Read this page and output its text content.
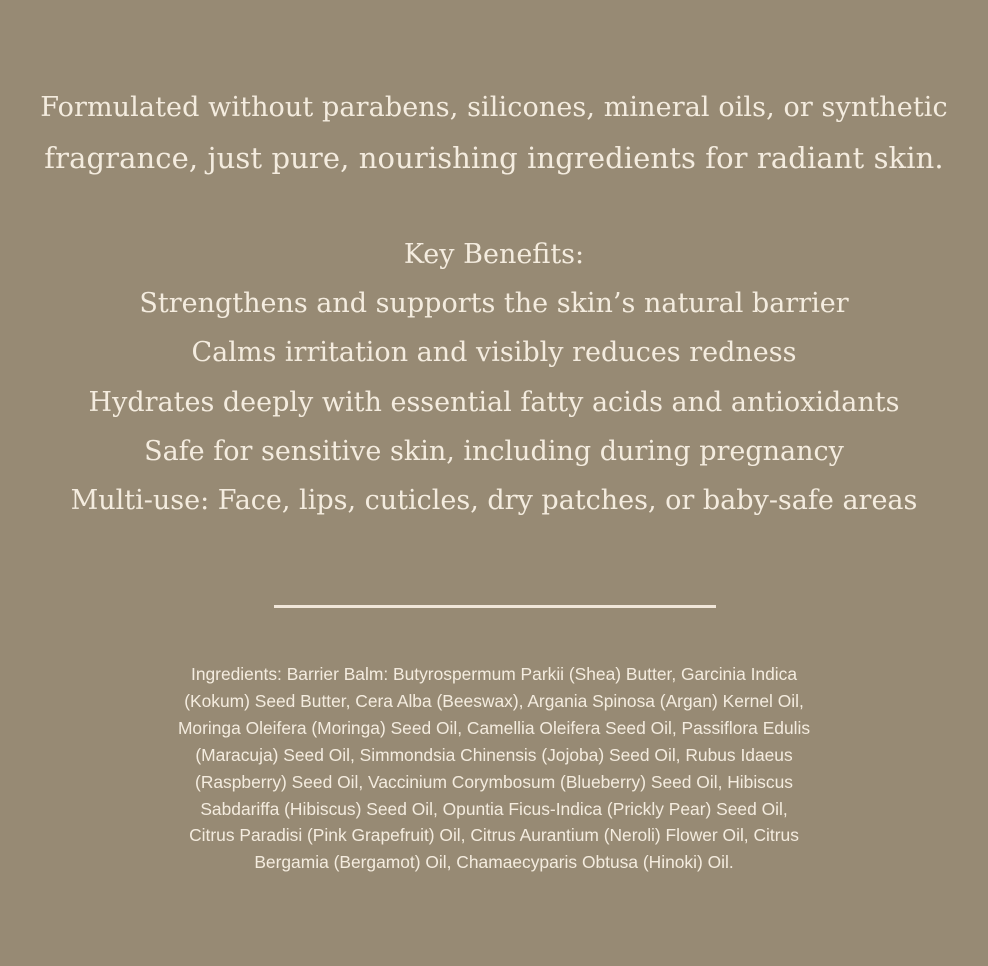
Formulated without parabens, silicones, mineral oils, or synthetic
fragrance, just pure, nourishing ingredients for radiant skin.

Key Benefits:
Strengthens and supports the skin’s natural barrier
Calms irritation and visibly reduces redness
Hydrates deeply with essential fatty acids and antioxidants
Safe for sensitive skin, including during pregnancy
Multi-use: Face, lips, cuticles, dry patches, or baby-safe areas

Ingredients: Barrier Balm: Butyrospermum Parkii (Shea) Butter, Garcinia Indica
(Kokum) Seed Butter, Cera Alba (Beeswax), Argania Spinosa (Argan) Kernel Oil,
Moringa Oleifera (Moringa) Seed Oil, Camellia Oleifera Seed Oil, Passiflora Edulis
(Maracuja) Seed Oil, Simmondsia Chinensis (Jojoba) Seed Oil, Rubus Idaeus
(Raspberry) Seed Oil, Vaccinium Corymbosum (Blueberry) Seed Oil, Hibiscus
Sabdariffa (Hibiscus) Seed Oil, Opuntia Ficus-Indica (Prickly Pear) Seed Oil,
Citrus Paradisi (Pink Grapefruit) Oil, Citrus Aurantium (Neroli) Flower Oil, Citrus
Bergamia (Bergamot) Oil, Chamaecyparis Obtusa (Hinoki) Oil.
